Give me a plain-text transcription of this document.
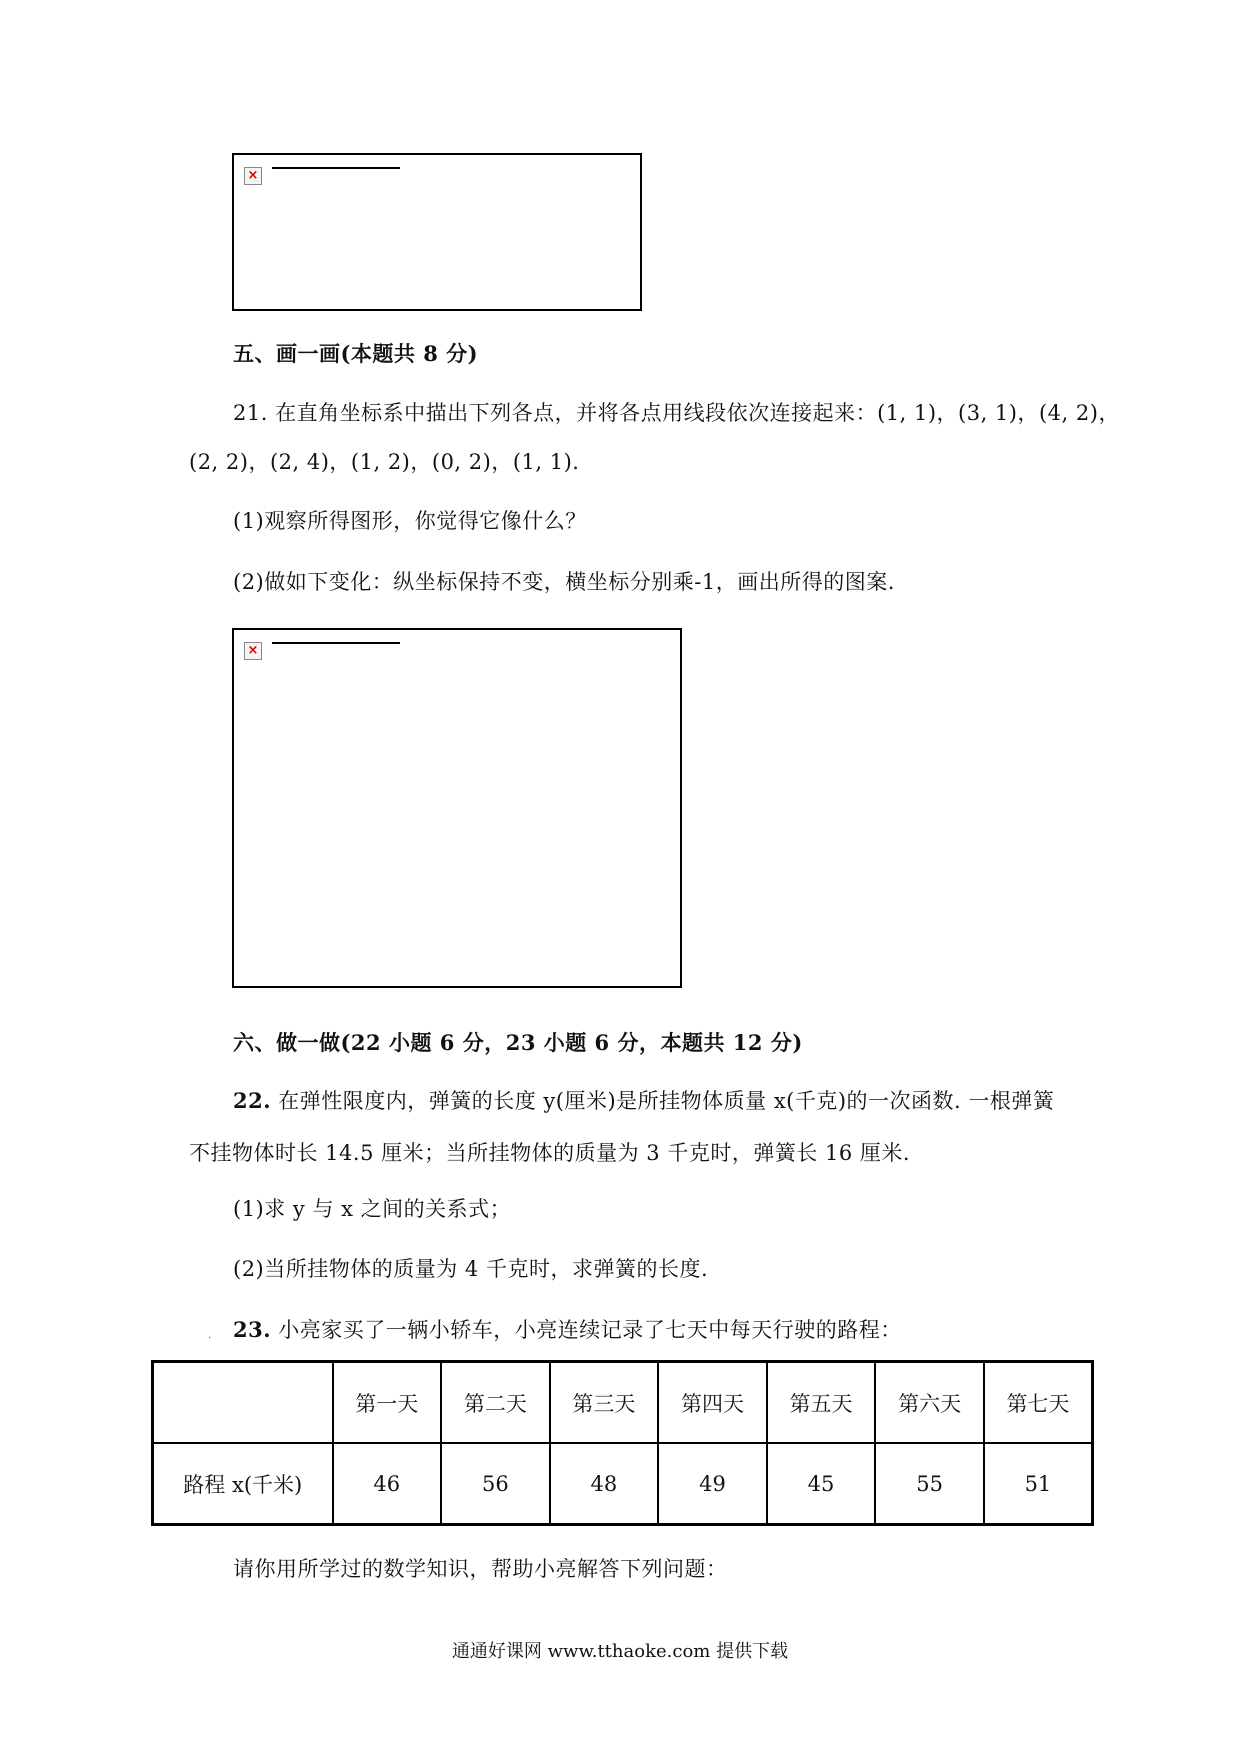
×
五、画一画(本题共 8 分)
21. 在直角坐标系中描出下列各点，并将各点用线段依次连接起来：(1, 1)，(3, 1)，(4, 2)，
(2, 2)，(2, 4)，(1, 2)，(0, 2)，(1, 1).
(1)观察所得图形，你觉得它像什么？
(2)做如下变化：纵坐标保持不变，横坐标分别乘-1，画出所得的图案.
×
六、做一做(22 小题 6 分，23 小题 6 分，本题共 12 分)
22. 在弹性限度内，弹簧的长度 y(厘米)是所挂物体质量 x(千克)的一次函数. 一根弹簧
不挂物体时长 14.5 厘米；当所挂物体的质量为 3 千克时，弹簧长 16 厘米.
(1)求 y 与 x 之间的关系式；
(2)当所挂物体的质量为 4 千克时，求弹簧的长度.
. 23. 小亮家买了一辆小轿车，小亮连续记录了七天中每天行驶的路程：
	第一天	第二天	第三天	第四天	第五天	第六天	第七天
路程 x(千米)	46	56	48	49	45	55	51
请你用所学过的数学知识，帮助小亮解答下列问题：
通通好课网 www.tthaoke.com 提供下载
